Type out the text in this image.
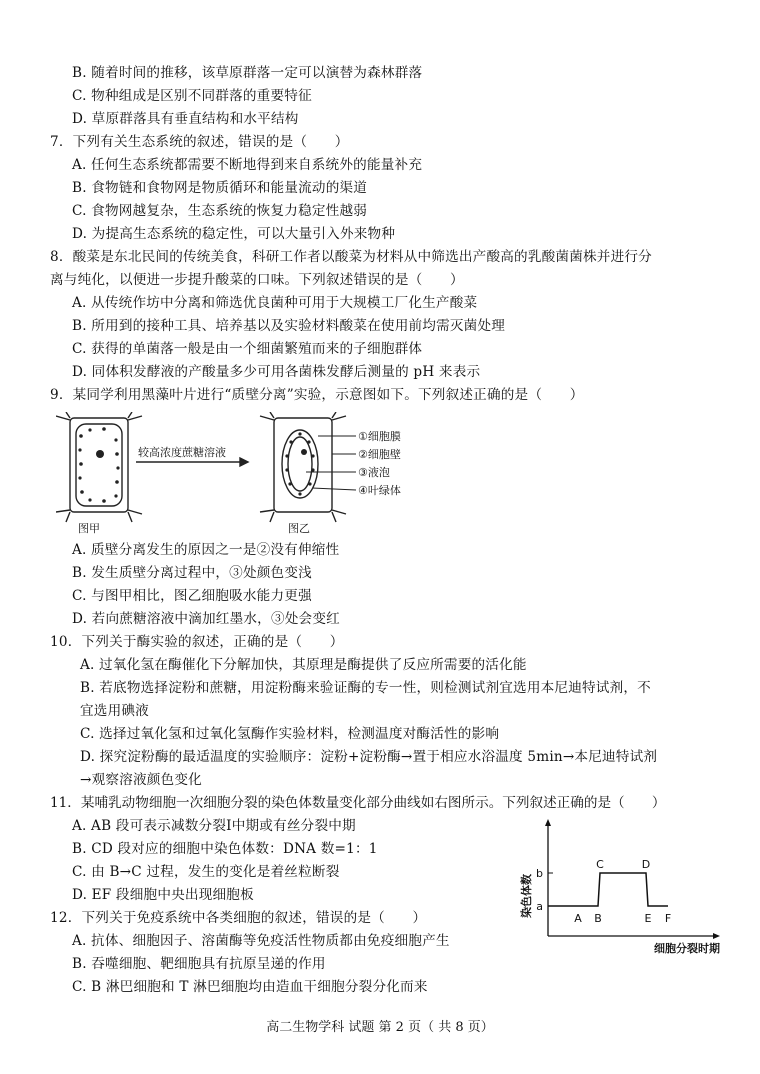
B. 随着时间的推移，该草原群落一定可以演替为森林群落
C. 物种组成是区别不同群落的重要特征
D. 草原群落具有垂直结构和水平结构
7．下列有关生态系统的叙述，错误的是（　　）
A. 任何生态系统都需要不断地得到来自系统外的能量补充
B. 食物链和食物网是物质循环和能量流动的渠道
C. 食物网越复杂，生态系统的恢复力稳定性越弱
D. 为提高生态系统的稳定性，可以大量引入外来物种
8．酸菜是东北民间的传统美食，科研工作者以酸菜为材料从中筛选出产酸高的乳酸菌菌株并进行分
离与纯化，以便进一步提升酸菜的口味。下列叙述错误的是（　　）
A. 从传统作坊中分离和筛选优良菌种可用于大规模工厂化生产酸菜
B. 所用到的接种工具、培养基以及实验材料酸菜在使用前均需灭菌处理
C. 获得的单菌落一般是由一个细菌繁殖而来的子细胞群体
D. 同体积发酵液的产酸量多少可用各菌株发酵后测量的 pH 来表示
9．某同学利用黑藻叶片进行“质壁分离”实验，示意图如下。下列叙述正确的是（　　）
图甲
较高浓度蔗糖溶液
图乙
①细胞膜
②细胞壁
③液泡
④叶绿体
A. 质壁分离发生的原因之一是②没有伸缩性
B. 发生质壁分离过程中，③处颜色变浅
C. 与图甲相比，图乙细胞吸水能力更强
D. 若向蔗糖溶液中滴加红墨水，③处会变红
10．下列关于酶实验的叙述，正确的是（　　）
A. 过氧化氢在酶催化下分解加快，其原理是酶提供了反应所需要的活化能
B. 若底物选择淀粉和蔗糖，用淀粉酶来验证酶的专一性，则检测试剂宜选用本尼迪特试剂，不
宜选用碘液
C. 选择过氧化氢和过氧化氢酶作实验材料，检测温度对酶活性的影响
D. 探究淀粉酶的最适温度的实验顺序：淀粉+淀粉酶→置于相应水浴温度 5min→本尼迪特试剂
→观察溶液颜色变化
11．某哺乳动物细胞一次细胞分裂的染色体数量变化部分曲线如右图所示。下列叙述正确的是（　　）
A. AB 段可表示减数分裂Ⅰ中期或有丝分裂中期
B. CD 段对应的细胞中染色体数：DNA 数=1：1
C. 由 B→C 过程，发生的变化是着丝粒断裂
D. EF 段细胞中央出现细胞板
a
b
A B
C	D
E F
染色体数
细胞分裂时期
12．下列关于免疫系统中各类细胞的叙述，错误的是（　　）
A. 抗体、细胞因子、溶菌酶等免疫活性物质都由免疫细胞产生
B. 吞噬细胞、靶细胞具有抗原呈递的作用
C. B 淋巴细胞和 T 淋巴细胞均由造血干细胞分裂分化而来
高二生物学科 试题 第 2 页（ 共 8 页）
